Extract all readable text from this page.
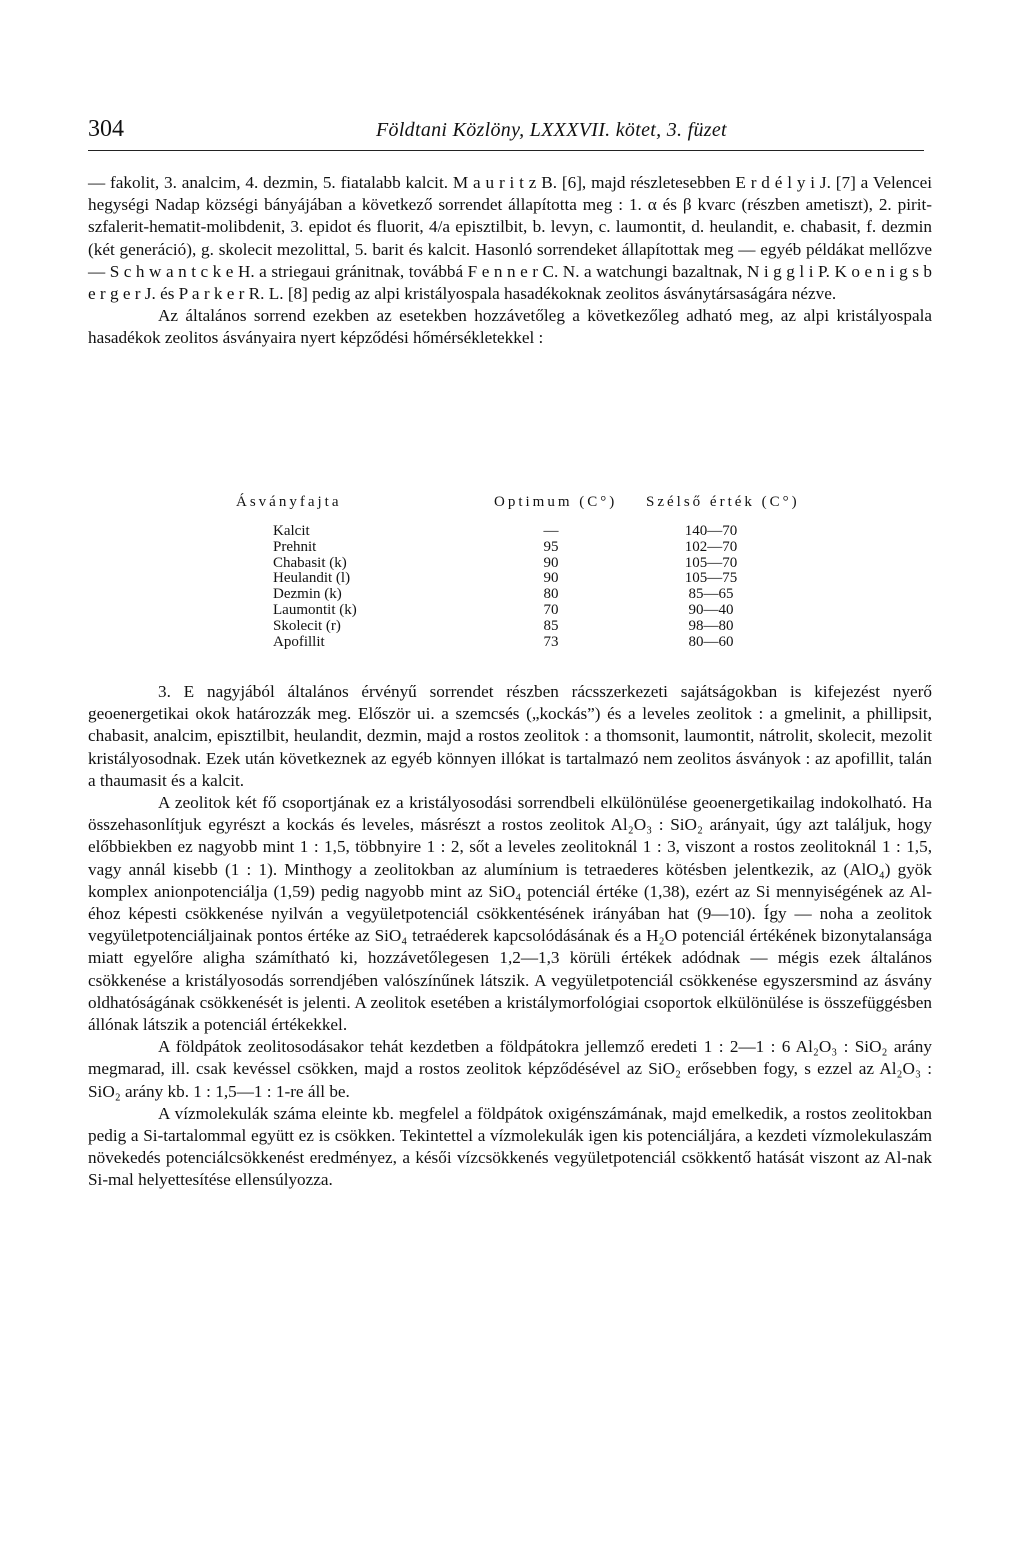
304	Földtani Közlöny, LXXXVII. kötet, 3. füzet

— fakolit, 3. analcim, 4. dezmin, 5. fiatalabb kalcit. M a u r i t z B. [6], majd részletesebben E r d é l y i J. [7] a Velencei hegységi Nadap községi bányájában a következő sorrendet állapította meg : 1. α és β kvarc (részben ametiszt), 2. pirit-szfalerit-hematit-molibdenit, 3. epidot és fluorit, 4/a episztilbit, b. levyn, c. laumontit, d. heulandit, e. chabasit, f. dezmin (két generáció), g. skolecit mezolittal, 5. barit és kalcit. Hasonló sorrendeket állapítottak meg — egyéb példákat mellőzve — S c h w a n t c k e H. a striegaui gránitnak, továbbá F e n n e r C. N. a watchungi bazaltnak, N i g g l i P. K o e n i g s b e r g e r J. és P a r k e r R. L. [8] pedig az alpi kristályospala hasadékoknak zeolitos ásványtársaságára nézve.

Az általános sorrend ezekben az esetekben hozzávetőleg a következőleg adható meg, az alpi kristályospala hasadékok zeolitos ásványaira nyert képződési hőmérsékletekkel :

Ásványfajta	Optimum (C°) Szélső érték (C°)
Kalcit
Prehnit
Chabasit (k)
Heulandit (l)
Dezmin (k)
Laumontit (k)
Skolecit (r)
Apofillit
—
95
90
90
80
70
85
73
140—70
102—70
105—70
105—75
85—65
90—40
98—80
80—60

3. E nagyjából általános érvényű sorrendet részben rácsszerkezeti sajátságokban is kifejezést nyerő geoenergetikai okok határozzák meg. Először ui. a szemcsés („kockás”) és a leveles zeolitok : a gmelinit, a phillipsit, chabasit, analcim, episztilbit, heulandit, dezmin, majd a rostos zeolitok : a thomsonit, laumontit, nátrolit, skolecit, mezolit kristályosodnak. Ezek után következnek az egyéb könnyen illókat is tartalmazó nem zeolitos ásványok : az apofillit, talán a thaumasit és a kalcit.

A zeolitok két fő csoportjának ez a kristályosodási sorrendbeli elkülönülése geoenergetikailag indokolható. Ha összehasonlítjuk egyrészt a kockás és leveles, másrészt a rostos zeolitok Al₂O₃ : SiO₂ arányait, úgy azt találjuk, hogy előbbiekben ez nagyobb mint 1 : 1,5, többnyire 1 : 2, sőt a leveles zeolitoknál 1 : 3, viszont a rostos zeolitoknál 1 : 1,5, vagy annál kisebb (1 : 1). Minthogy a zeolitokban az alumínium is tetraederes kötésben jelentkezik, az (AlO₄) gyök komplex anionpotenciálja (1,59) pedig nagyobb mint az SiO₄ potenciál értéke (1,38), ezért az Si mennyiségének az Al-éhoz képesti csökkenése nyilván a vegyületpotenciál csökkentésének irányában hat (9—10). Így — noha a zeolitok vegyületpotenciáljainak pontos értéke az SiO₄ tetraéderek kapcsolódásának és a H₂O potenciál értékének bizonytalansága miatt egyelőre aligha számítható ki, hozzávetőlegesen 1,2—1,3 körüli értékek adódnak — mégis ezek általános csökkenése a kristályosodás sorrendjében valószínűnek látszik. A vegyületpotenciál csökkenése egyszersmind az ásvány oldhatóságának csökkenését is jelenti. A zeolitok esetében a kristálymorfológiai csoportok elkülönülése is összefüggésben állónak látszik a potenciál értékekkel.

A földpátok zeolitosodásakor tehát kezdetben a földpátokra jellemző eredeti 1 : 2—1 : 6 Al₂O₃ : SiO₂ arány megmarad, ill. csak kevéssel csökken, majd a rostos zeolitok képződésével az SiO₂ erősebben fogy, s ezzel az Al₂O₃ : SiO₂ arány kb. 1 : 1,5—1 : 1-re áll be.

A vízmolekulák száma eleinte kb. megfelel a földpátok oxigénszámának, majd emelkedik, a rostos zeolitokban pedig a Si-tartalommal együtt ez is csökken. Tekintettel a vízmolekulák igen kis potenciáljára, a kezdeti vízmolekulaszám növekedés potenciálcsökkenést eredményez, a késői vízcsökkenés vegyületpotenciál csökkentő hatását viszont az Al-nak Si-mal helyettesítése ellensúlyozza.
